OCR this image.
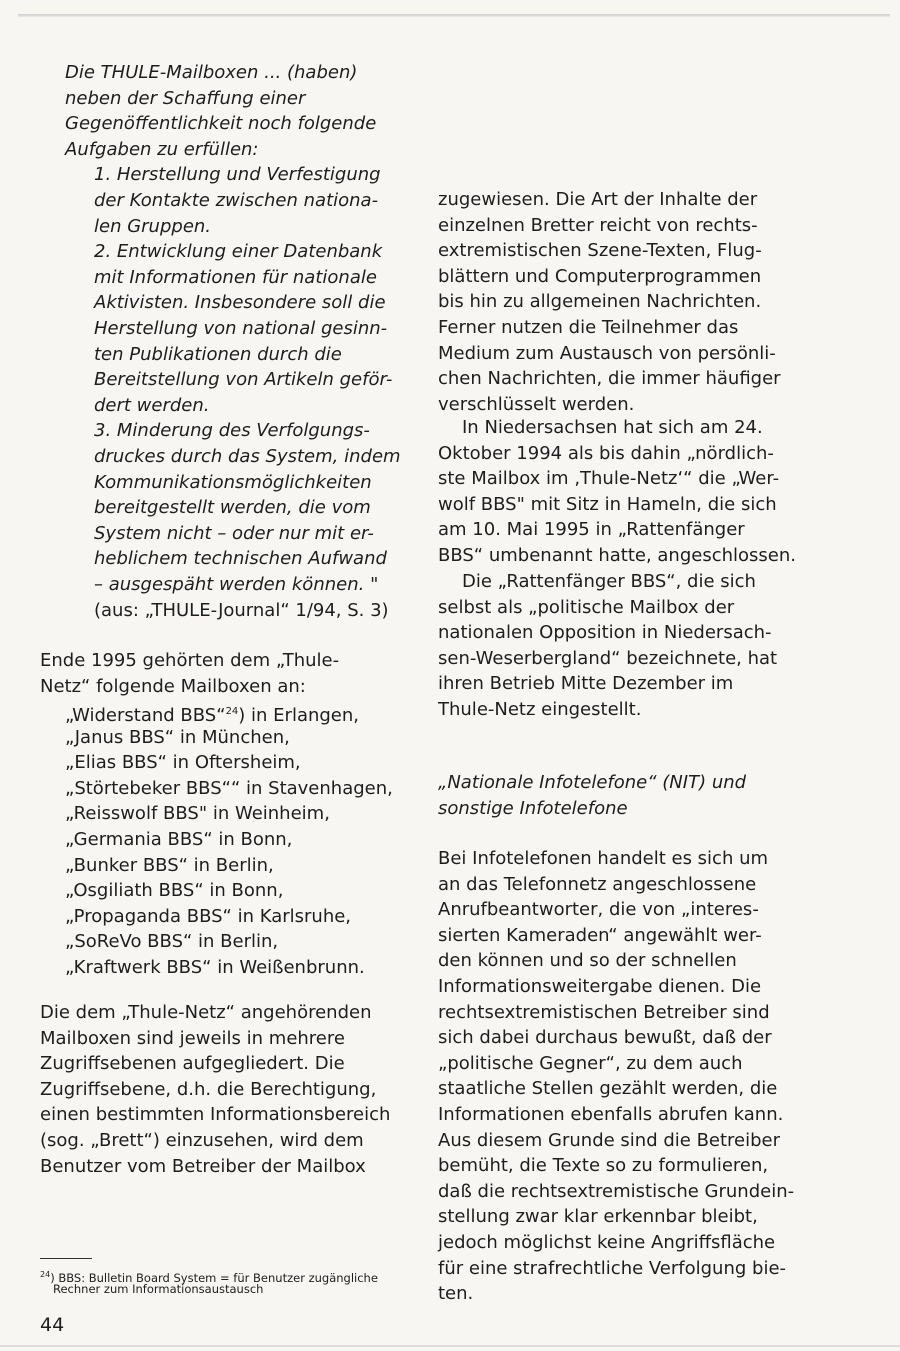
Die THULE-Mailboxen ... (haben)
neben der Schaffung einer
Gegenöffentlichkeit noch folgende
Aufgaben zu erfüllen:
1. Herstellung und Verfestigung
der Kontakte zwischen nationa-
len Gruppen.
2. Entwicklung einer Datenbank
mit Informationen für nationale
Aktivisten. Insbesondere soll die
Herstellung von national gesinn-
ten Publikationen durch die
Bereitstellung von Artikeln geför-
dert werden.
3. Minderung des Verfolgungs-
druckes durch das System, indem
Kommunikationsmöglichkeiten
bereitgestellt werden, die vom
System nicht – oder nur mit er-
heblichem technischen Aufwand
– ausgespäht werden können. "
(aus: „THULE-Journal“ 1/94, S. 3)
Ende 1995 gehörten dem „Thule-
Netz“ folgende Mailboxen an:
„Widerstand BBS“$^{24}$) in Erlangen,
„Janus BBS“ in München,
„Elias BBS“ in Oftersheim,
„Störtebeker BBS““ in Stavenhagen,
„Reisswolf BBS" in Weinheim,
„Germania BBS“ in Bonn,
„Bunker BBS“ in Berlin,
„Osgiliath BBS“ in Bonn,
„Propaganda BBS“ in Karlsruhe,
„SoReVo BBS“ in Berlin,
„Kraftwerk BBS“ in Weißenbrunn.
Die dem „Thule-Netz“ angehörenden
Mailboxen sind jeweils in mehrere
Zugriffsebenen aufgegliedert. Die
Zugriffsebene, d.h. die Berechtigung,
einen bestimmten Informationsbereich
(sog. „Brett“) einzusehen, wird dem
Benutzer vom Betreiber der Mailbox
zugewiesen. Die Art der Inhalte der
einzelnen Bretter reicht von rechts-
extremistischen Szene-Texten, Flug-
blättern und Computerprogrammen
bis hin zu allgemeinen Nachrichten.
Ferner nutzen die Teilnehmer das
Medium zum Austausch von persönli-
chen Nachrichten, die immer häufiger
verschlüsselt werden.
In Niedersachsen hat sich am 24.
Oktober 1994 als bis dahin „nördlich-
ste Mailbox im ‚Thule-Netz‘“ die „Wer-
wolf BBS" mit Sitz in Hameln, die sich
am 10. Mai 1995 in „Rattenfänger
BBS“ umbenannt hatte, angeschlossen.
Die „Rattenfänger BBS“, die sich
selbst als „politische Mailbox der
nationalen Opposition in Niedersach-
sen-Weserbergland“ bezeichnete, hat
ihren Betrieb Mitte Dezember im
Thule-Netz eingestellt.
„Nationale Infotelefone“ (NIT) und
sonstige Infotelefone
Bei Infotelefonen handelt es sich um
an das Telefonnetz angeschlossene
Anrufbeantworter, die von „interes-
sierten Kameraden“ angewählt wer-
den können und so der schnellen
Informationsweitergabe dienen. Die
rechtsextremistischen Betreiber sind
sich dabei durchaus bewußt, daß der
„politische Gegner“, zu dem auch
staatliche Stellen gezählt werden, die
Informationen ebenfalls abrufen kann.
Aus diesem Grunde sind die Betreiber
bemüht, die Texte so zu formulieren,
daß die rechtsextremistische Grundein-
stellung zwar klar erkennbar bleibt,
jedoch möglichst keine Angriffsfläche
für eine strafrechtliche Verfolgung bie-
ten.
$^{24}$) BBS: Bulletin Board System = für Benutzer zugängliche
Rechner zum Informationsaustausch
44
